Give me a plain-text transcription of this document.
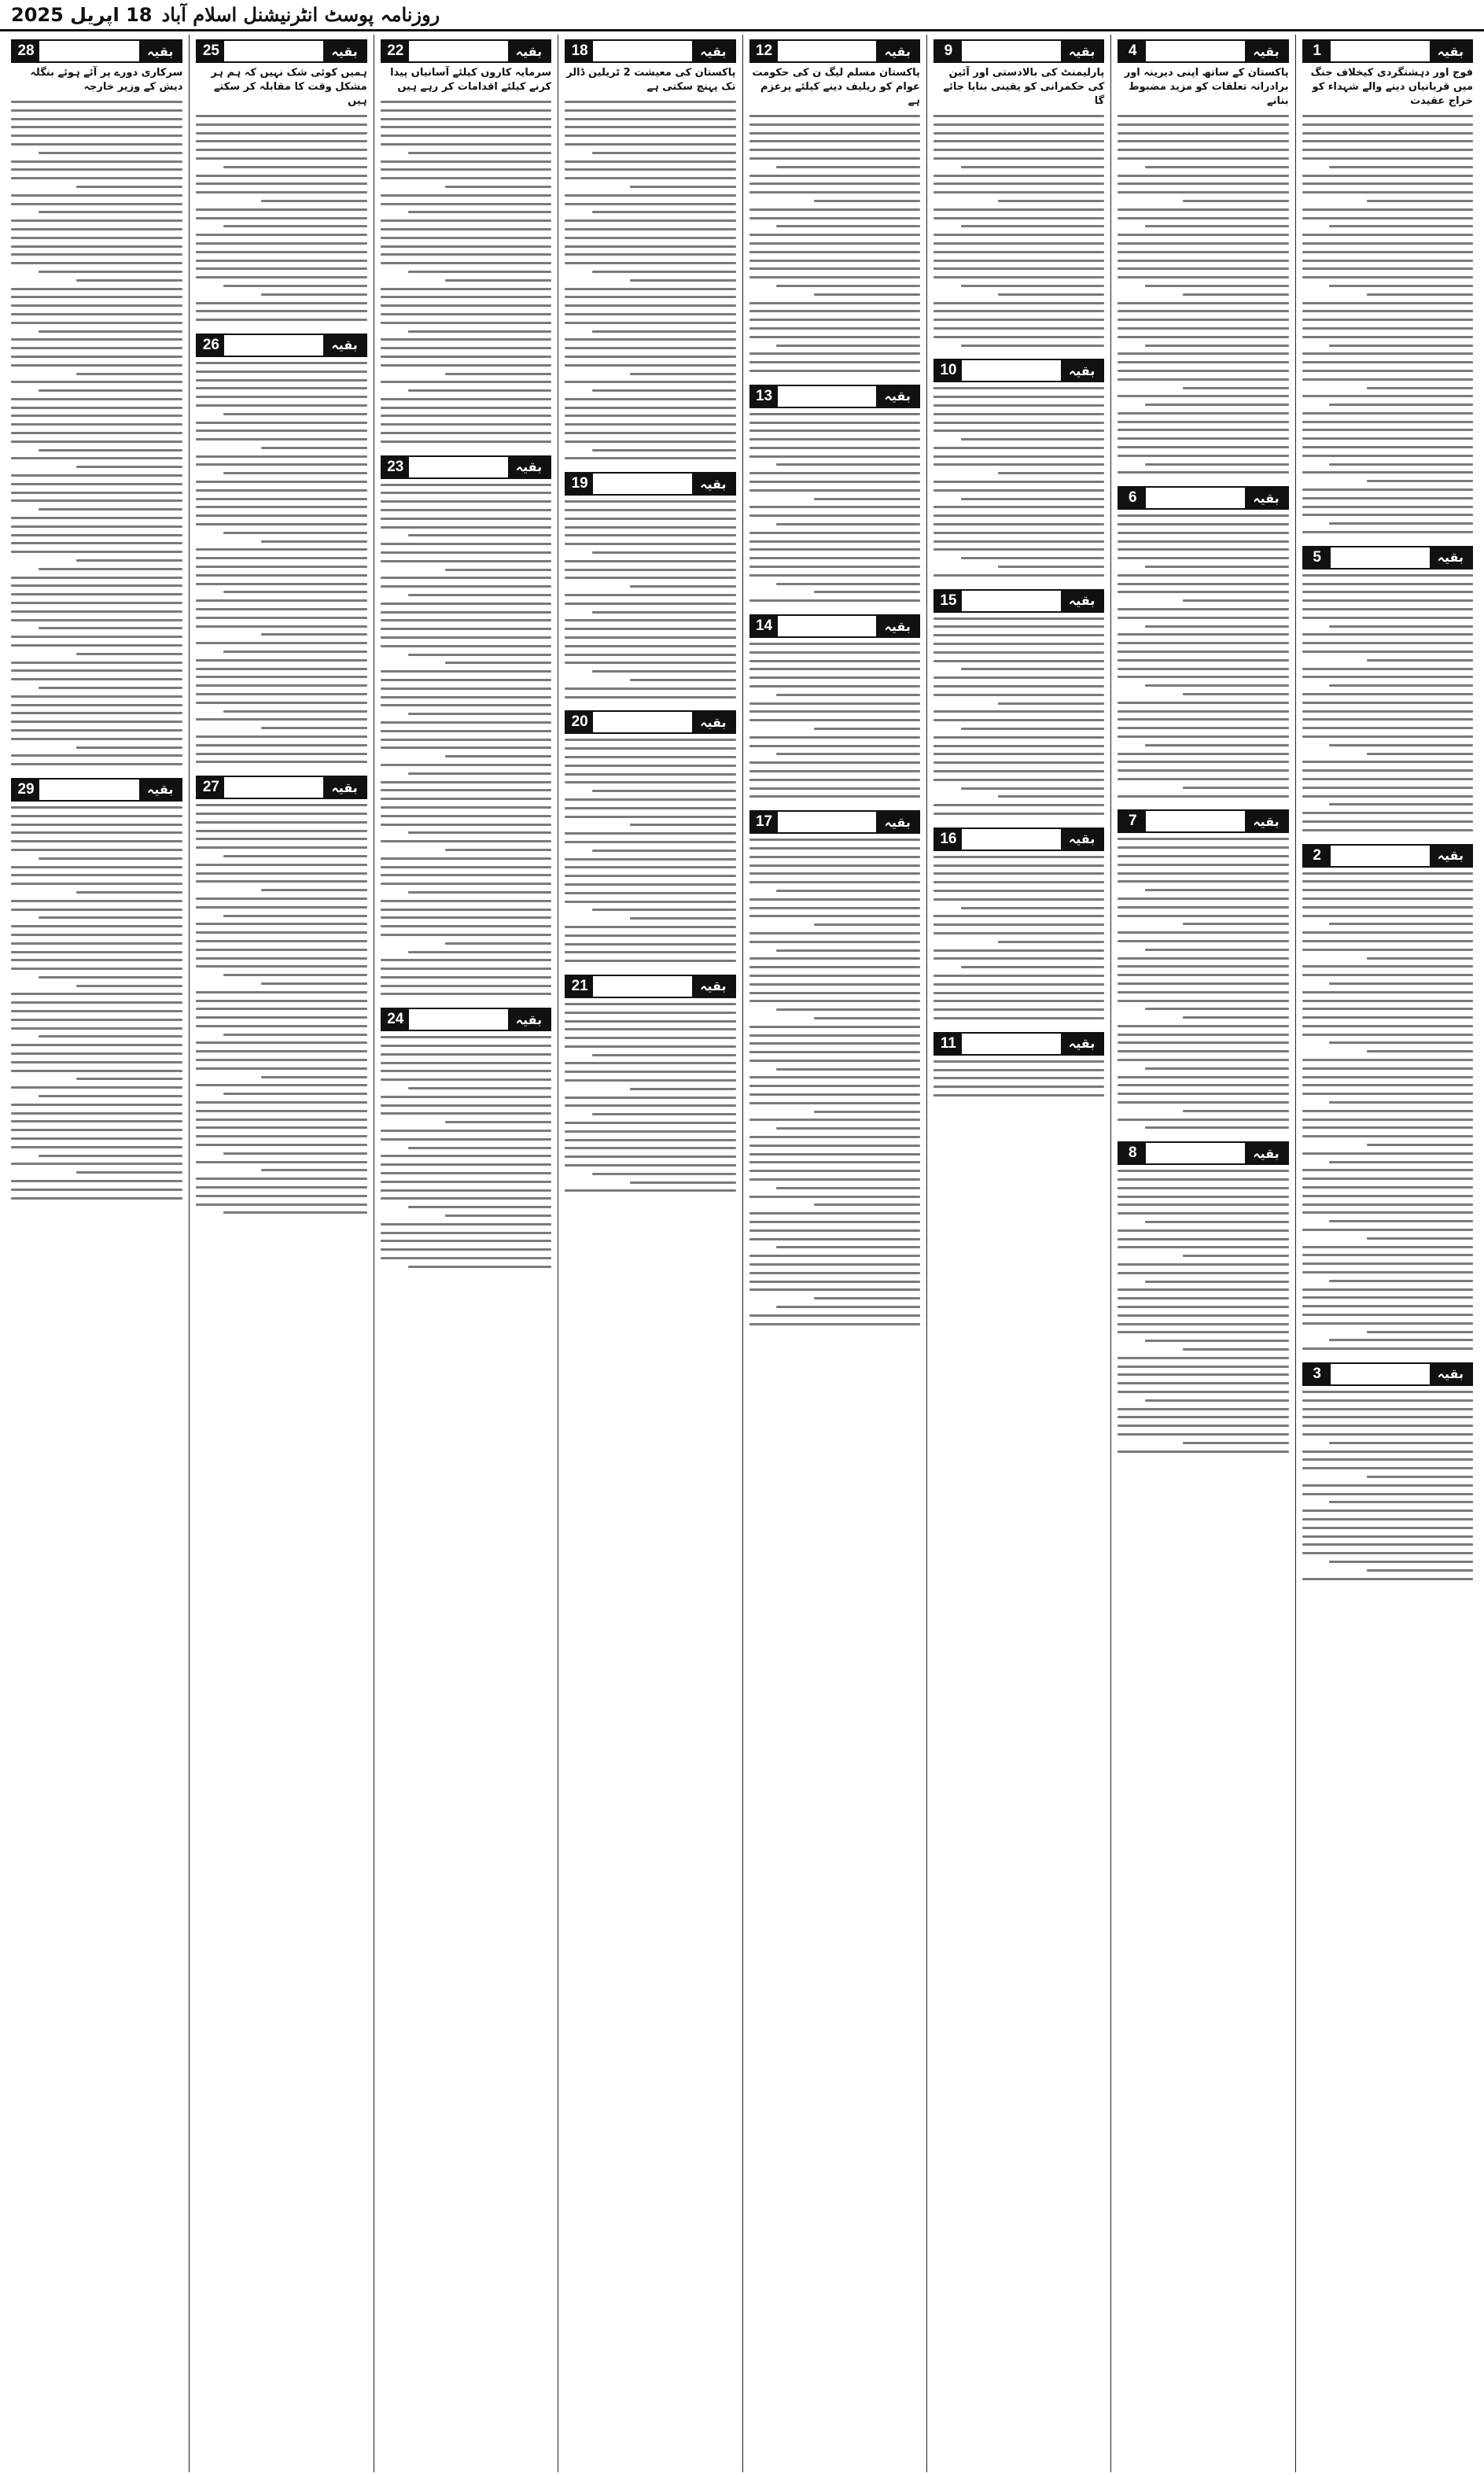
روزنامہ پوسٹ انٹرنیشنل اسلام آباد
18 اپریل 2025
بقیہ
1
فوج اور دہشتگردی کیخلاف جنگ میں قربانیاں دینے والے شہداء کو خراج عقیدت
بقیہ
5
بقیہ
2
بقیہ
3
بقیہ
4
پاکستان کے ساتھ اپنی دیرینہ اور برادرانہ تعلقات کو مزید مضبوط بنانے
بقیہ
6
بقیہ
7
بقیہ
8
بقیہ
9
پارلیمنٹ کی بالادستی اور آئین کی حکمرانی کو یقینی بنایا جائے گا
بقیہ
10
بقیہ
15
بقیہ
16
بقیہ
11
بقیہ
12
پاکستان مسلم لیگ ن کی حکومت عوام کو ریلیف دینے کیلئے پرعزم ہے
بقیہ
13
بقیہ
14
بقیہ
17
بقیہ
18
پاکستان کی معیشت 2 ٹریلین ڈالر تک پہنچ سکتی ہے
بقیہ
19
بقیہ
20
بقیہ
21
بقیہ
22
سرمایہ کاروں کیلئے آسانیاں پیدا کرنے کیلئے اقدامات کر رہے ہیں
بقیہ
23
بقیہ
24
بقیہ
25
ہمیں کوئی شک نہیں کہ ہم ہر مشکل وقت کا مقابلہ کر سکتے ہیں
بقیہ
26
بقیہ
27
بقیہ
28
سرکاری دورے پر آئے ہوئے بنگلہ دیش کے وزیر خارجہ
بقیہ
29
